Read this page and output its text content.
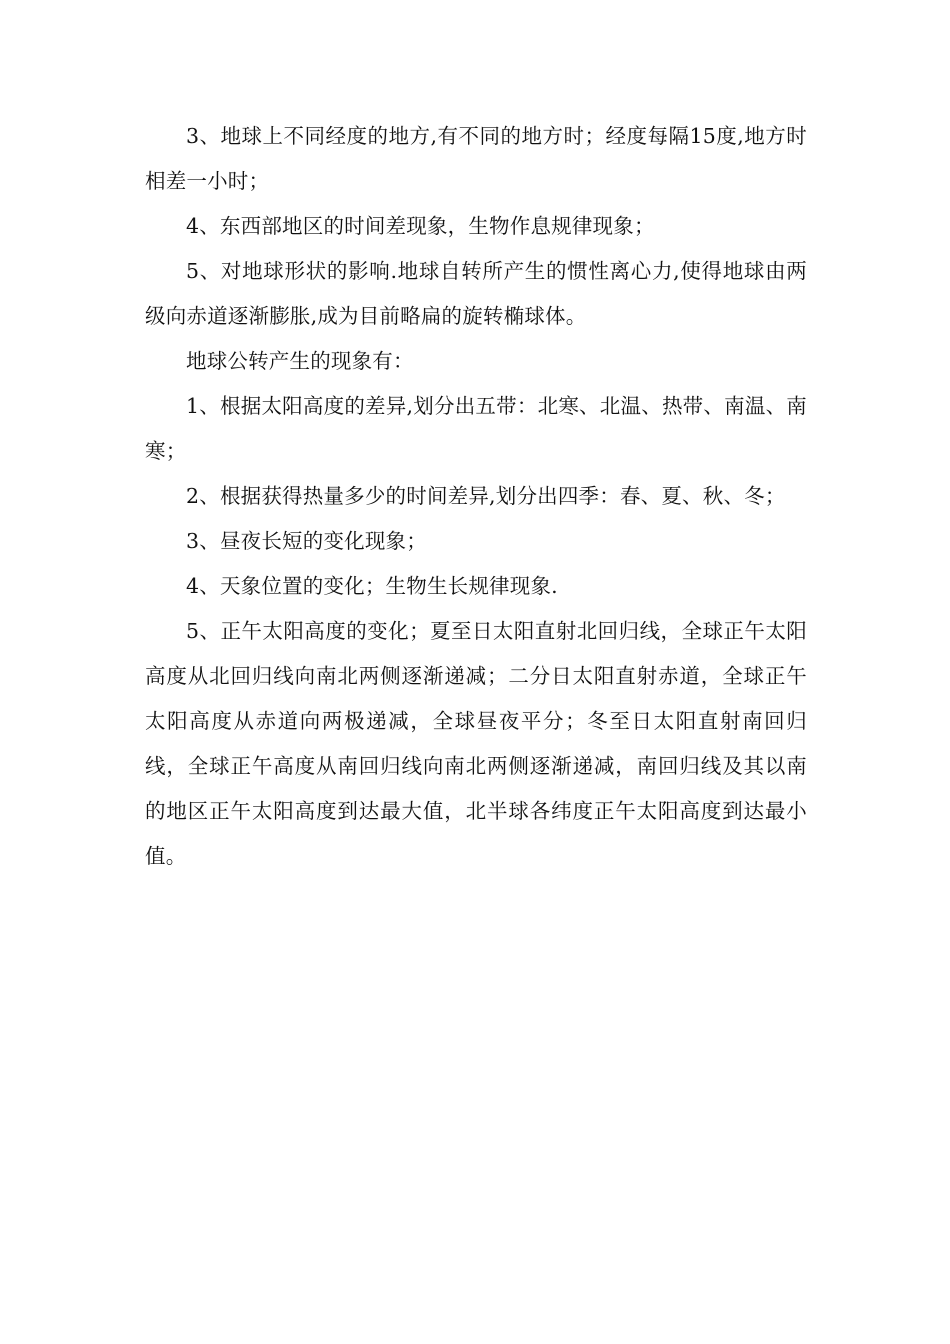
3、地球上不同经度的地方,有不同的地方时；经度每隔15度,地方时相差一小时；

4、东西部地区的时间差现象，生物作息规律现象；

5、对地球形状的影响.地球自转所产生的惯性离心力,使得地球由两级向赤道逐渐膨胀,成为目前略扁的旋转椭球体。

地球公转产生的现象有：

1、根据太阳高度的差异,划分出五带：北寒、北温、热带、南温、南寒；

2、根据获得热量多少的时间差异,划分出四季：春、夏、秋、冬；

3、昼夜长短的变化现象；

4、天象位置的变化；生物生长规律现象.

5、正午太阳高度的变化；夏至日太阳直射北回归线，全球正午太阳高度从北回归线向南北两侧逐渐递减；二分日太阳直射赤道，全球正午太阳高度从赤道向两极递减，全球昼夜平分；冬至日太阳直射南回归线，全球正午高度从南回归线向南北两侧逐渐递减，南回归线及其以南的地区正午太阳高度到达最大值，北半球各纬度正午太阳高度到达最小值。
